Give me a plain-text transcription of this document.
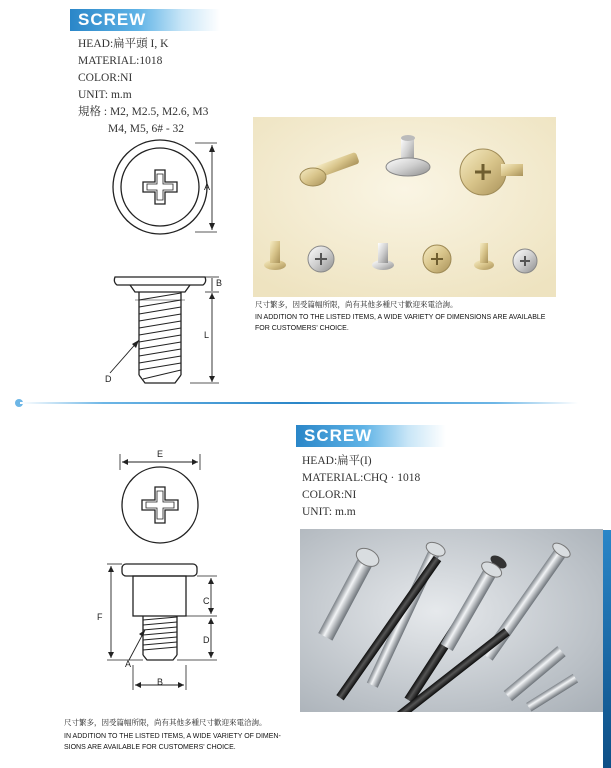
SCREW
HEAD:扁平頭 I, K
MATERIAL:1018
COLOR:NI
UNIT: m.m
規格 : M2, M2.5, M2.6, M3
M4, M5, 6# - 32
A
B
L
D
尺寸繁多，因受篇幅所限，尚有其他多種尺寸歡迎來電洽詢。
IN ADDITION TO THE LISTED ITEMS, A WIDE VARIETY OF DIMENSIONS ARE AVAILABLE FOR CUSTOMERS' CHOICE.
SCREW
HEAD:扁平(I)
MATERIAL:CHQ · 1018
COLOR:NI
UNIT: m.m
E
C
F
D
A
B
尺寸繁多，因受篇幅所限，尚有其他多種尺寸歡迎來電洽詢。
IN ADDITION TO THE LISTED ITEMS, A WIDE VARIETY OF DIMEN-
SIONS ARE AVAILABLE FOR CUSTOMERS' CHOICE.
